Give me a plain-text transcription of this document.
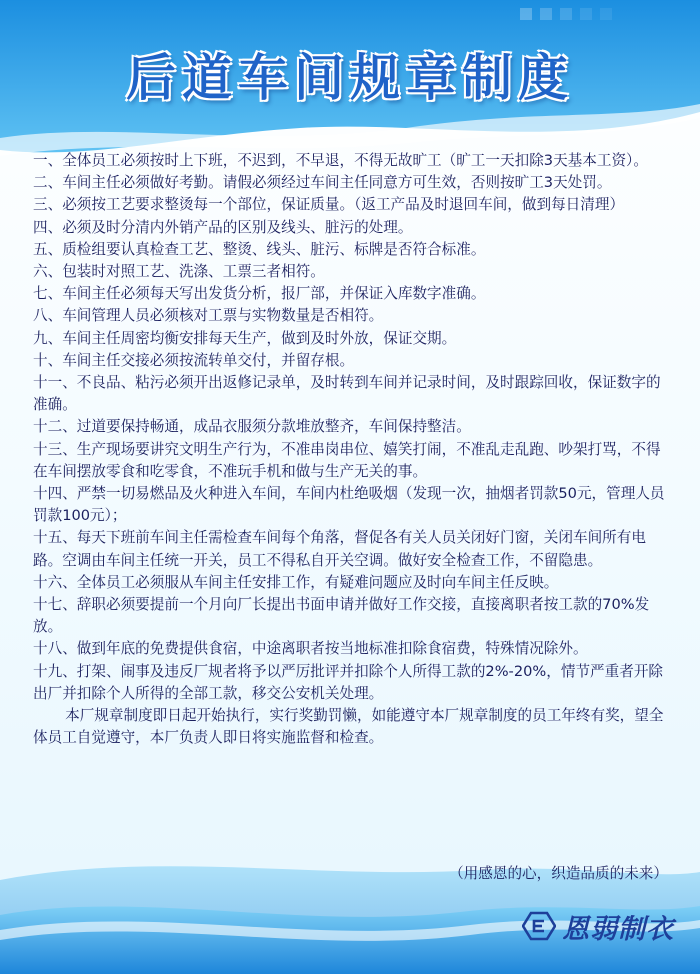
后道车间规章制度

一、全体员工必须按时上下班，不迟到，不早退，不得无故旷工（旷工一天扣除3天基本工资）。

二、车间主任必须做好考勤。请假必须经过车间主任同意方可生效，否则按旷工3天处罚。

三、必须按工艺要求整烫每一个部位，保证质量。（返工产品及时退回车间，做到每日清理）

四、必须及时分清内外销产品的区别及线头、脏污的处理。

五、质检组要认真检查工艺、整烫、线头、脏污、标牌是否符合标准。

六、包装时对照工艺、洗涤、工票三者相符。

七、车间主任必须每天写出发货分析，报厂部，并保证入库数字准确。

八、车间管理人员必须核对工票与实物数量是否相符。

九、车间主任周密均衡安排每天生产，做到及时外放，保证交期。

十、车间主任交接必须按流转单交付，并留存根。

十一、不良品、粘污必须开出返修记录单，及时转到车间并记录时间，及时跟踪回收，保证数字的准确。

十二、过道要保持畅通，成品衣服须分款堆放整齐，车间保持整洁。

十三、生产现场要讲究文明生产行为，不准串岗串位、嬉笑打闹，不准乱走乱跑、吵架打骂，不得在车间摆放零食和吃零食，不准玩手机和做与生产无关的事。

十四、严禁一切易燃品及火种进入车间，车间内杜绝吸烟（发现一次，抽烟者罚款50元，管理人员罚款100元）；

十五、每天下班前车间主任需检查车间每个角落，督促各有关人员关闭好门窗，关闭车间所有电路。空调由车间主任统一开关，员工不得私自开关空调。做好安全检查工作，不留隐患。

十六、全体员工必须服从车间主任安排工作，有疑难问题应及时向车间主任反映。

十七、辞职必须要提前一个月向厂长提出书面申请并做好工作交接，直接离职者按工款的70%发放。

十八、做到年底的免费提供食宿，中途离职者按当地标准扣除食宿费，特殊情况除外。

十九、打架、闹事及违反厂规者将予以严厉批评并扣除个人所得工款的2%-20%，情节严重者开除出厂并扣除个人所得的全部工款，移交公安机关处理。

本厂规章制度即日起开始执行，实行奖勤罚懒，如能遵守本厂规章制度的员工年终有奖，望全体员工自觉遵守，本厂负责人即日将实施监督和检查。

（用感恩的心，织造品质的未来）
恩弱制衣
